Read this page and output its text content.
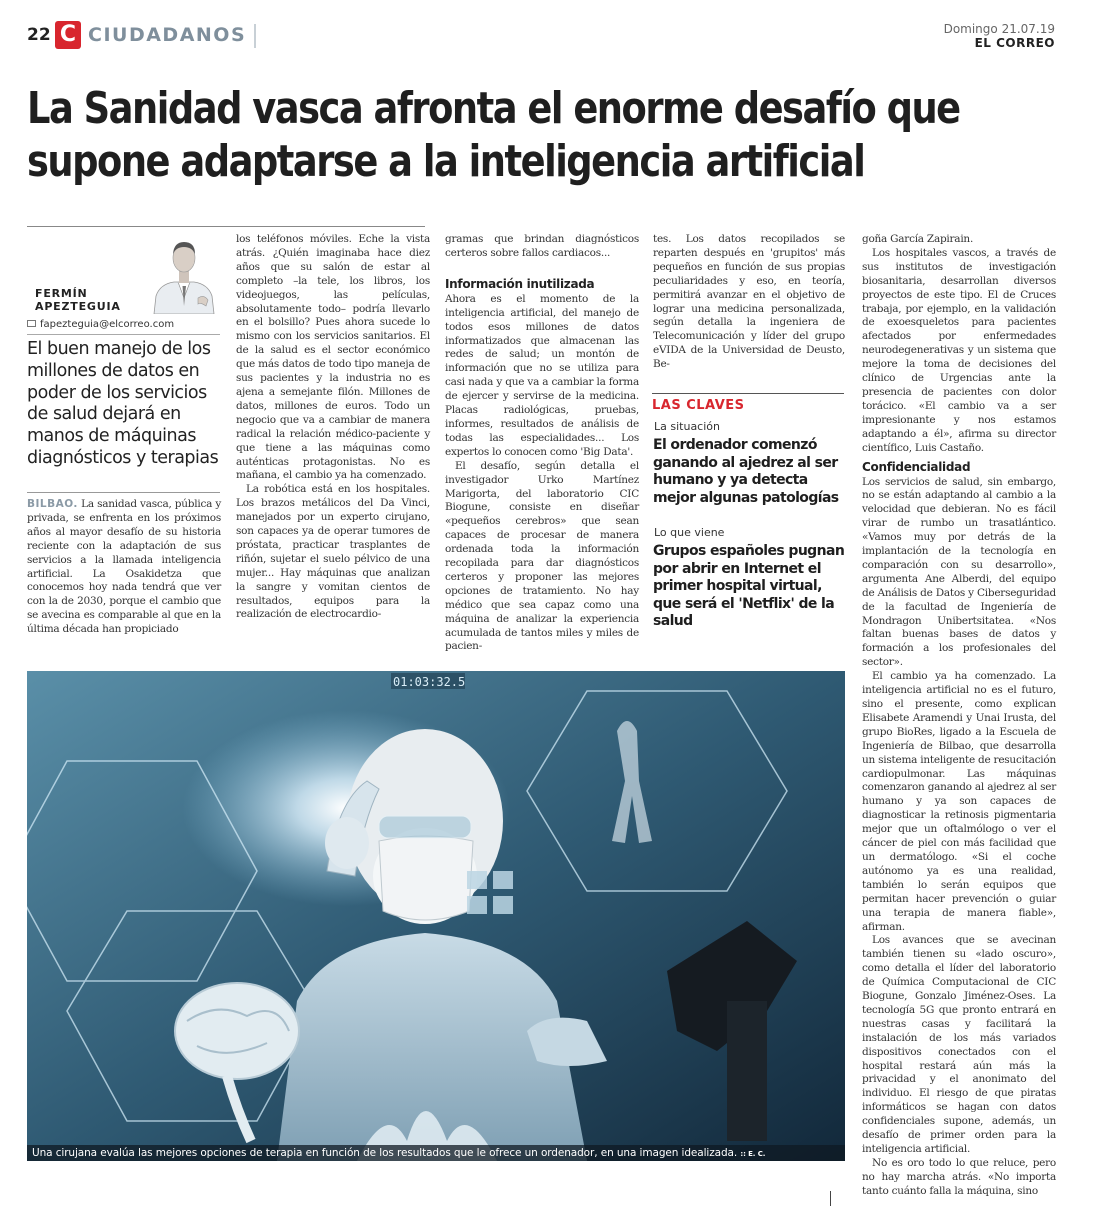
22 C CIUDADANOS	Domingo 21.07.19
EL CORREO
La Sanidad vasca afronta el enorme desafío que supone adaptarse a la inteligencia artificial
FERMÍN
APEZTEGUIA
fapezteguia@elcorreo.com
El buen manejo de los millones de datos en poder de los servicios de salud dejará en manos de máquinas diagnósticos y terapias

BILBAO. La sanidad vasca, pública y privada, se enfrenta en los próximos años al mayor desafío de su historia reciente con la adaptación de sus servicios a la llamada inteligencia artificial. La Osakidetza que conocemos hoy nada tendrá que ver con la de 2030, porque el cambio que se avecina es comparable al que en la última década han propiciado

los teléfonos móviles. Eche la vista atrás. ¿Quién imaginaba hace diez años que su salón de estar al completo –la tele, los libros, los videojuegos, las películas, absolutamente todo– podría llevarlo en el bolsillo? Pues ahora sucede lo mismo con los servicios sanitarios. El de la salud es el sector económico que más datos de todo tipo maneja de sus pacientes y la industria no es ajena a semejante filón. Millones de datos, millones de euros. Todo un negocio que va a cambiar de manera radical la relación médico-paciente y que tiene a las máquinas como auténticas protagonistas. No es mañana, el cambio ya ha comenzado.

La robótica está en los hospitales. Los brazos metálicos del Da Vinci, manejados por un experto cirujano, son capaces ya de operar tumores de próstata, practicar trasplantes de riñón, sujetar el suelo pélvico de una mujer... Hay máquinas que analizan la sangre y vomitan cientos de resultados, equipos para la realización de electrocardio-

gramas que brindan diagnósticos certeros sobre fallos cardiacos...

Información inutilizada

Ahora es el momento de la inteligencia artificial, del manejo de todos esos millones de datos informatizados que almacenan las redes de salud; un montón de información que no se utiliza para casi nada y que va a cambiar la forma de ejercer y servirse de la medicina. Placas radiológicas, pruebas, informes, resultados de análisis de todas las especialidades... Los expertos lo conocen como 'Big Data'.

El desafío, según detalla el investigador Urko Martínez Marigorta, del laboratorio CIC Biogune, consiste en diseñar «pequeños cerebros» que sean capaces de procesar de manera ordenada toda la información recopilada para dar diagnósticos certeros y proponer las mejores opciones de tratamiento. No hay médico que sea capaz como una máquina de analizar la experiencia acumulada de tantos miles y miles de pacien-

tes. Los datos recopilados se reparten después en 'grupitos' más pequeños en función de sus propias peculiaridades y eso, en teoría, permitirá avanzar en el objetivo de lograr una medicina personalizada, según detalla la ingeniera de Telecomunicación y líder del grupo eVIDA de la Universidad de Deusto, Be-

LAS CLAVES
La situación
El ordenador comenzó ganando al ajedrez al ser humano y ya detecta mejor algunas patologías
Lo que viene
Grupos españoles pugnan por abrir en Internet el primer hospital virtual, que será el 'Netflix' de la salud

goña García Zapirain.

Los hospitales vascos, a través de sus institutos de investigación biosanitaria, desarrollan diversos proyectos de este tipo. El de Cruces trabaja, por ejemplo, en la validación de exoesqueletos para pacientes afectados por enfermedades neurodegenerativas y un sistema que mejore la toma de decisiones del clínico de Urgencias ante la presencia de pacientes con dolor torácico. «El cambio va a ser impresionante y nos estamos adaptando a él», afirma su director científico, Luis Castaño.

Confidencialidad

Los servicios de salud, sin embargo, no se están adaptando al cambio a la velocidad que debieran. No es fácil virar de rumbo un trasatlántico. «Vamos muy por detrás de la implantación de la tecnología en comparación con su desarrollo», argumenta Ane Alberdi, del equipo de Análisis de Datos y Ciberseguridad de la facultad de Ingeniería de Mondragon Unibertsitatea. «Nos faltan buenas bases de datos y formación a los profesionales del sector».

El cambio ya ha comenzado. La inteligencia artificial no es el futuro, sino el presente, como explican Elisabete Aramendi y Unai Irusta, del grupo BioRes, ligado a la Escuela de Ingeniería de Bilbao, que desarrolla un sistema inteligente de resucitación cardiopulmonar. Las máquinas comenzaron ganando al ajedrez al ser humano y ya son capaces de diagnosticar la retinosis pigmentaria mejor que un oftalmólogo o ver el cáncer de piel con más facilidad que un dermatólogo. «Si el coche autónomo ya es una realidad, también lo serán equipos que permitan hacer prevención o guiar una terapia de manera fiable», afirman.

Los avances que se avecinan también tienen su «lado oscuro», como detalla el líder del laboratorio de Química Computacional de CIC Biogune, Gonzalo Jiménez-Oses. La tecnología 5G que pronto entrará en nuestras casas y facilitará la instalación de los más variados dispositivos conectados con el hospital restará aún más la privacidad y el anonimato del individuo. El riesgo de que piratas informáticos se hagan con datos confidenciales supone, además, un desafío de primer orden para la inteligencia artificial.

No es oro todo lo que reluce, pero no hay marcha atrás. «No importa tanto cuánto falla la máquina, sino

01:03:32.5
Una cirujana evalúa las mejores opciones de terapia en función de los resultados que le ofrece un ordenador, en una imagen idealizada. :: E. C.
